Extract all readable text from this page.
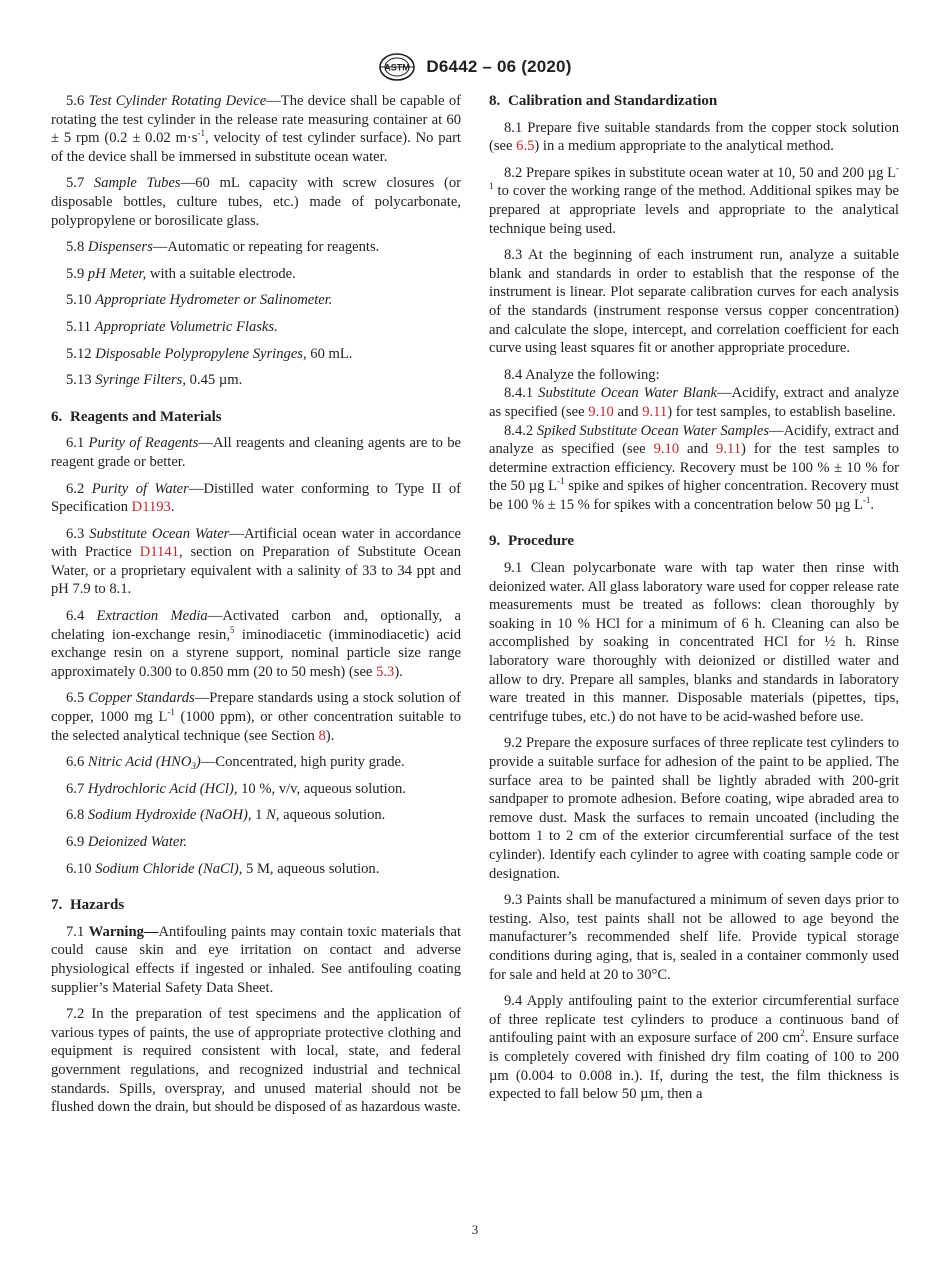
ASTM D6442 – 06 (2020)

5.6 Test Cylinder Rotating Device—The device shall be capable of rotating the test cylinder in the release rate measuring container at 60 ± 5 rpm (0.2 ± 0.02 $m\cdot s^{-1}$, velocity of test cylinder surface). No part of the device shall be immersed in substitute ocean water.

5.7 Sample Tubes—60 mL capacity with screw closures (or disposable bottles, culture tubes, etc.) made of polycarbonate, polypropylene or borosilicate glass.

5.8 Dispensers—Automatic or repeating for reagents.

5.9 pH Meter, with a suitable electrode.

5.10 Appropriate Hydrometer or Salinometer.

5.11 Appropriate Volumetric Flasks.

5.12 Disposable Polypropylene Syringes, 60 mL.

5.13 Syringe Filters, 0.45 µm.

6. Reagents and Materials

6.1 Purity of Reagents—All reagents and cleaning agents are to be reagent grade or better.

6.2 Purity of Water—Distilled water conforming to Type II of Specification D1193.

6.3 Substitute Ocean Water—Artificial ocean water in accordance with Practice D1141, section on Preparation of Substitute Ocean Water, or a proprietary equivalent with a salinity of 33 to 34 ppt and pH 7.9 to 8.1.

6.4 Extraction Media—Activated carbon and, optionally, a chelating ion-exchange resin,$^5$ iminodiacetic (imminodiacetic) acid exchange resin on a styrene support, nominal particle size range approximately 0.300 to 0.850 mm (20 to 50 mesh) (see 5.3).

6.5 Copper Standards—Prepare standards using a stock solution of copper, 1000 mg $L^{-1}$ (1000 ppm), or other concentration suitable to the selected analytical technique (see Section 8).

6.6 Nitric Acid $(HNO_3)—Concentrated$, high purity grade.

6.7 Hydrochloric Acid (HCl), 10 %, v/v, aqueous solution.

6.8 Sodium Hydroxide (NaOH), 1 N, aqueous solution.

6.9 Deionized Water.

6.10 Sodium Chloride (NaCl), 5 M, aqueous solution.

7. Hazards

7.1 Warning—Antifouling paints may contain toxic materials that could cause skin and eye irritation on contact and adverse physiological effects if ingested or inhaled. See antifouling coating supplier’s Material Safety Data Sheet.

7.2 In the preparation of test specimens and the application of various types of paints, the use of appropriate protective clothing and equipment is required consistent with local, state, and federal government regulations, and recognized industrial and technical standards. Spills, overspray, and unused material should not be flushed down the drain, but should be disposed of as hazardous waste.

8. Calibration and Standardization

8.1 Prepare five suitable standards from the copper stock solution (see 6.5) in a medium appropriate to the analytical method.

8.2 Prepare spikes in substitute ocean water at 10, 50 and 200 µg $L^{-1}$ to cover the working range of the method. Additional spikes may be prepared at appropriate levels and appropriate to the analytical technique being used.

8.3 At the beginning of each instrument run, analyze a suitable blank and standards in order to establish that the response of the instrument is linear. Plot separate calibration curves for each analysis of the standards (instrument response versus copper concentration) and calculate the slope, intercept, and correlation coefficient for each curve using least squares fit or another appropriate procedure.

8.4 Analyze the following:

8.4.1 Substitute Ocean Water Blank—Acidify, extract and analyze as specified (see 9.10 and 9.11) for test samples, to establish baseline.

8.4.2 Spiked Substitute Ocean Water Samples—Acidify, extract and analyze as specified (see 9.10 and 9.11) for the test samples to determine extraction efficiency. Recovery must be 100 % ± 10 % for the 50 µg $L^{-1}$ spike and spikes of higher concentration. Recovery must be 100 % ± 15 % for spikes with a concentration below 50 µg $L^{-1}$.

9. Procedure

9.1 Clean polycarbonate ware with tap water then rinse with deionized water. All glass laboratory ware used for copper release rate measurements must be treated as follows: clean thoroughly by soaking in 10 % HCl for a minimum of 6 h. Cleaning can also be accomplished by soaking in concentrated HCl for ½ h. Rinse laboratory ware thoroughly with deionized or distilled water and allow to dry. Prepare all samples, blanks and standards in laboratory ware treated in this manner. Disposable materials (pipettes, tips, centrifuge tubes, etc.) do not have to be acid-washed before use.

9.2 Prepare the exposure surfaces of three replicate test cylinders to provide a suitable surface for adhesion of the paint to be applied. The surface area to be painted shall be lightly abraded with 200-grit sandpaper to promote adhesion. Before coating, wipe abraded area to remove dust. Mask the surfaces to remain uncoated (including the bottom 1 to 2 cm of the exterior circumferential surface of the test cylinder). Identify each cylinder to agree with coating sample code or designation.

9.3 Paints shall be manufactured a minimum of seven days prior to testing. Also, test paints shall not be allowed to age beyond the manufacturer’s recommended shelf life. Provide typical storage conditions during aging, that is, sealed in a container commonly used for sale and held at 20 to 30°C.

9.4 Apply antifouling paint to the exterior circumferential surface of three replicate test cylinders to produce a continuous band of antifouling paint with an exposure surface of 200 $cm^2$. Ensure surface is completely covered with finished dry film coating of 100 to 200 µm (0.004 to 0.008 in.). If, during the test, the film thickness is expected to fall below 50 µm, then a

3
